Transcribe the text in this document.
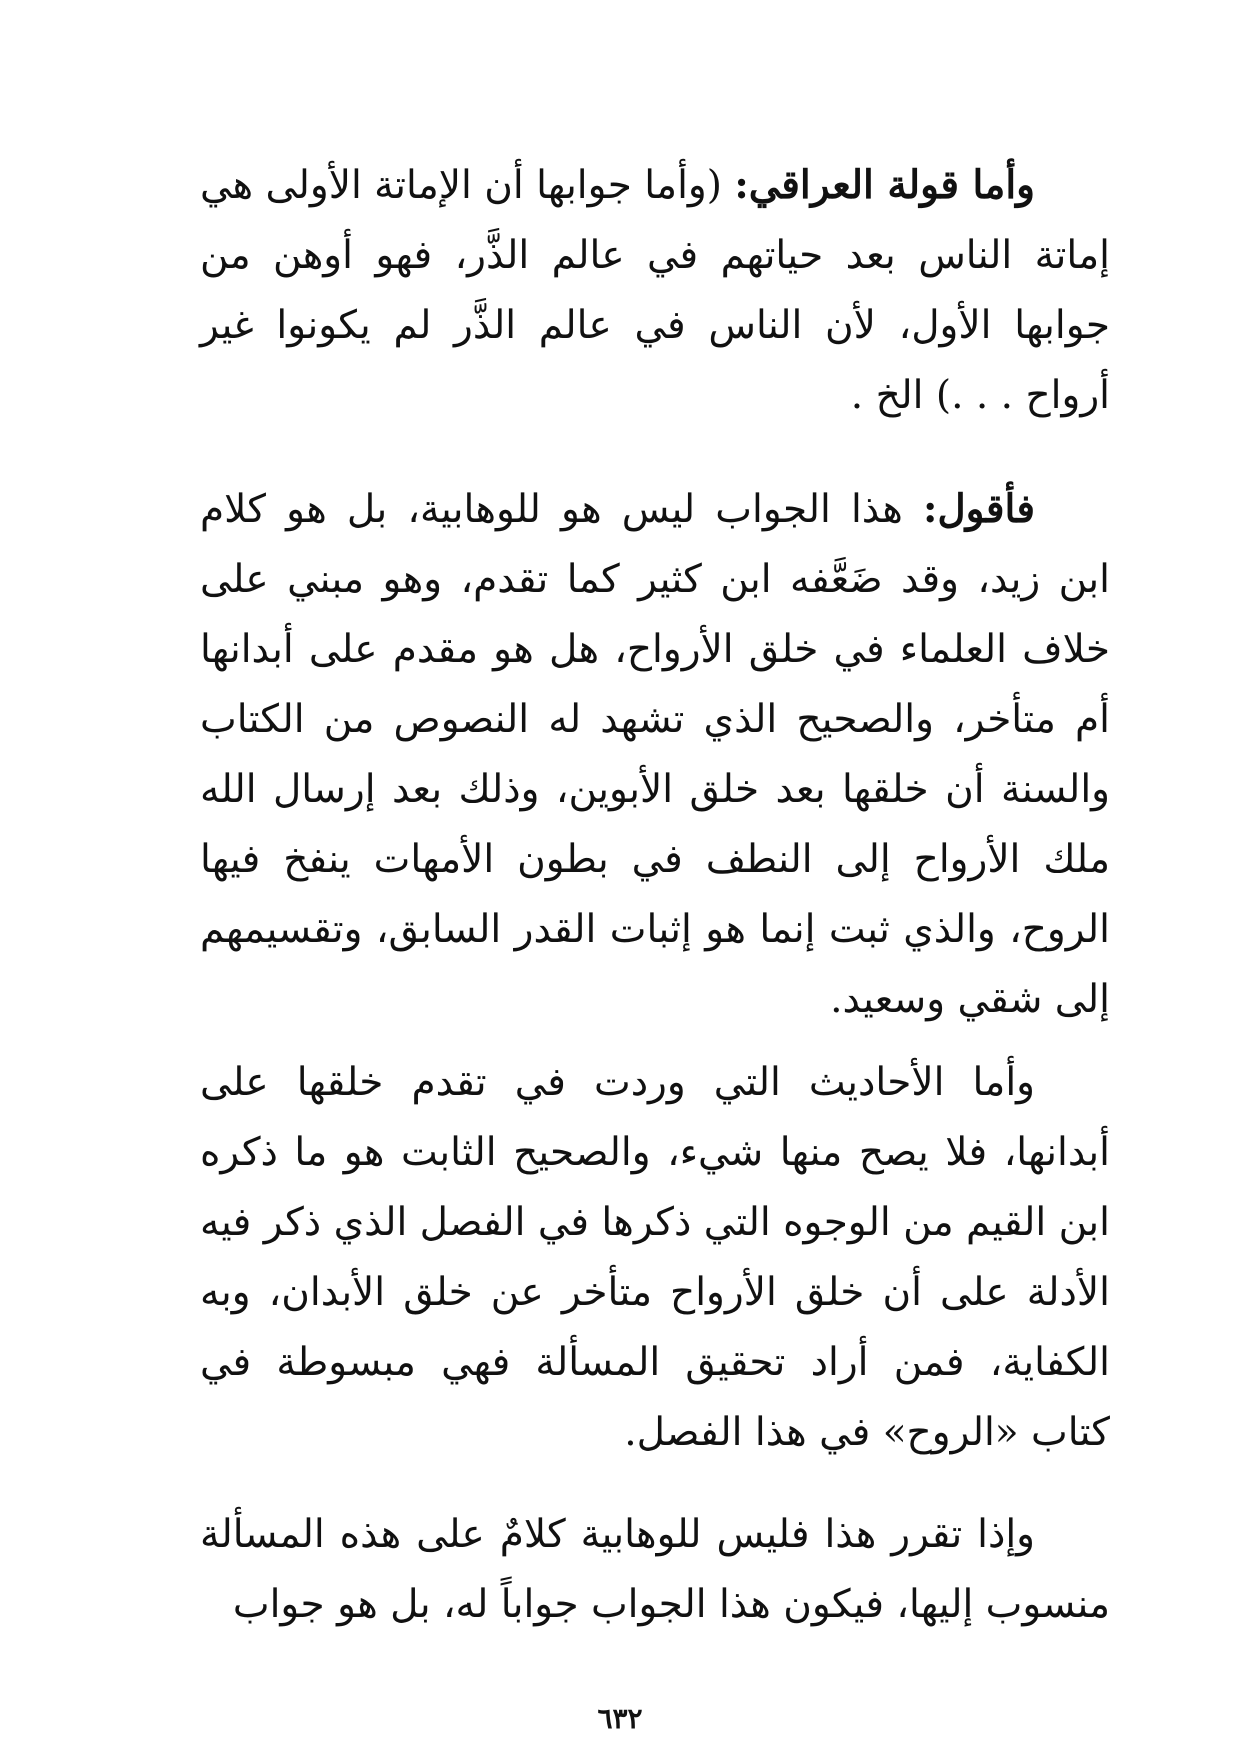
وأما قولة العراقي: (وأما جوابها أن الإماتة الأولى هي إماتة الناس بعد حياتهم في عالم الذَّر، فهو أوهن من جوابها الأول، لأن الناس في عالم الذَّر لم يكونوا غير أرواح . . .) الخ .

فأقول: هذا الجواب ليس هو للوهابية، بل هو كلام ابن زيد، وقد ضَعَّفه ابن كثير كما تقدم، وهو مبني على خلاف العلماء في خلق الأرواح، هل هو مقدم على أبدانها أم متأخر، والصحيح الذي تشهد له النصوص من الكتاب والسنة أن خلقها بعد خلق الأبوين، وذلك بعد إرسال الله ملك الأرواح إلى النطف في بطون الأمهات ينفخ فيها الروح، والذي ثبت إنما هو إثبات القدر السابق، وتقسيمهم إلى شقي وسعيد.

وأما الأحاديث التي وردت في تقدم خلقها على أبدانها، فلا يصح منها شيء، والصحيح الثابت هو ما ذكره ابن القيم من الوجوه التي ذكرها في الفصل الذي ذكر فيه الأدلة على أن خلق الأرواح متأخر عن خلق الأبدان، وبه الكفاية، فمن أراد تحقيق المسألة فهي مبسوطة في كتاب «الروح» في هذا الفصل.

وإذا تقرر هذا فليس للوهابية كلامٌ على هذه المسألة منسوب إليها، فيكون هذا الجواب جواباً له، بل هو جواب

٦٣٢
